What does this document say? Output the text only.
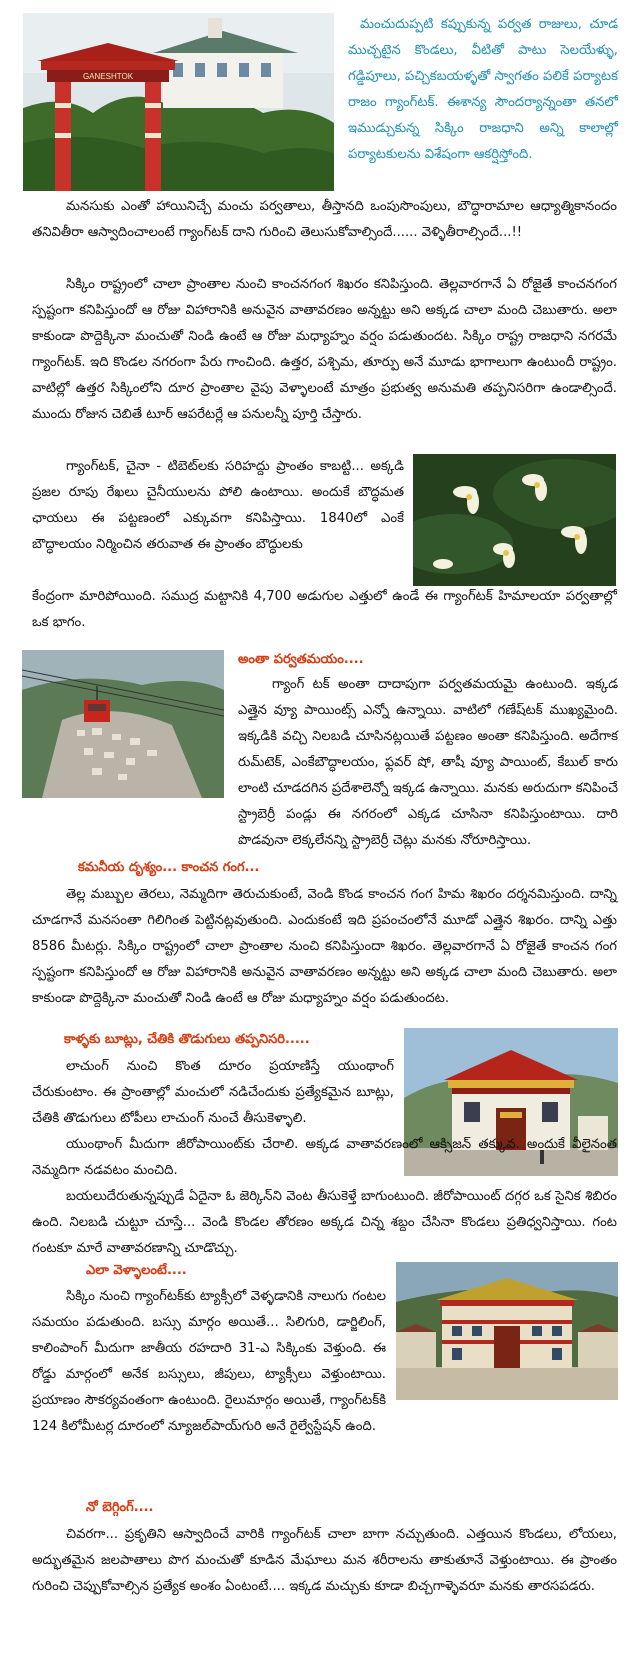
GANESHTOK

మంచుదుప్పటి కప్పుకున్న పర్వత రాజులు, చూడ ముచ్చటైన కొండలు, వీటితో పాటు సెలయేళ్ళు, గడ్డిపూలు, పచ్చికబయళ్ళతో స్వాగతం పలికే పర్యాటక రాజం గ్యాంగ్‌టక్. ఈశాన్య సౌందర్యాన్నంతా తనలో ఇముడ్చుకున్న సిక్కిం రాజధాని అన్ని కాలాల్లో పర్యాటకులను విశేషంగా ఆకర్షిస్తోంది.

మనసుకు ఎంతో హాయినిచ్చే మంచు పర్వతాలు, తీస్తానది ఒంపుసొంపులు, బౌద్ధారామాల ఆధ్యాత్మికానందం తనివితీరా ఆస్వాదించాలంటే గ్యాంగ్‌టక్ దాని గురించి తెలుసుకోవాల్సిందే...... వెళ్ళితీరాల్సిందే...!!

సిక్కిం రాష్ట్రంలో చాలా ప్రాంతాల నుంచి కాంచనగంగ శిఖరం కనిపిస్తుంది. తెల్లవారగానే ఏ రోజైతే కాంచనగంగ స్పష్టంగా కనిపిస్తుందో ఆ రోజు విహారానికి అనువైన వాతావరణం అన్నట్టు అని అక్కడ చాలా మంది చెబుతారు. అలా కాకుండా పొద్దెక్కినా మంచుతో నిండి ఉంటే ఆ రోజు మధ్యాహ్నం వర్షం పడుతుందట. సిక్కిం రాష్ట్ర రాజధాని నగరమే గ్యాంగ్‌టక్. ఇది కొండల నగరంగా పేరు గాంచింది. ఉత్తర, పశ్చిమ, తూర్పు అనే మూడు భాగాలుగా ఉంటుందీ రాష్ట్రం. వాటిల్లో ఉత్తర సిక్కింలోని దూర ప్రాంతాల వైపు వెళ్ళాలంటే మాత్రం ప్రభుత్వ అనుమతి తప్పనిసరిగా ఉండాల్సిందే. ముందు రోజున చెబితే టూర్ ఆపరేటర్లే ఆ పనులన్నీ పూర్తి చేస్తారు.

గ్యాంగ్‌టక్, చైనా - టిబెట్‌లకు సరిహద్దు ప్రాంతం కాబట్టి... అక్కడి ప్రజల రూపు రేఖలు చైనీయులను పోలి ఉంటాయి. అందుకే బౌద్ధమత ఛాయలు ఈ పట్టణంలో ఎక్కువగా కనిపిస్తాయి. 1840లో ఎంకే బౌద్ధాలయం నిర్మించిన తరువాత ఈ ప్రాంతం బౌద్ధులకు

కేంద్రంగా మారిపోయింది. సముద్ర మట్టానికి 4,700 అడుగుల ఎత్తులో ఉండే ఈ గ్యాంగ్‌టక్ హిమాలయా పర్వతాల్లో ఒక భాగం.

అంతా పర్వతమయం....

గ్యాంగ్ టక్ అంతా దాదాపుగా పర్వతమయమై ఉంటుంది. ఇక్కడ ఎత్తైన వ్యూ పాయింట్స్ ఎన్నో ఉన్నాయి. వాటిలో గణేష్‌టక్ ముఖ్యమైంది. ఇక్కడికి వచ్చి నిలబడి చూసినట్లయితే పట్టణం అంతా కనిపిస్తుంది. అదేగాక రుమ్‌టెక్, ఎంకేబౌద్ధాలయం, ఫ్లవర్ షో, తాషీ వ్యూ పాయింట్, కేబుల్ కారు లాంటి చూడదగిన ప్రదేశాలెన్నో ఇక్కడ ఉన్నాయి. మనకు అరుదుగా కనిపించే స్ట్రాబెర్రీ పండ్లు ఈ నగరంలో ఎక్కడ చూసినా కనిపిస్తుంటాయి. దారి పొడవునా లెక్కలేనన్ని స్ట్రాబెర్రీ చెట్లు మనకు నోరూరిస్తాయి.

కమనీయ దృశ్యం... కాంచన గంగ...

తెల్ల మబ్బుల తెరలు, నెమ్మదిగా తెరుచుకుంటే, వెండి కొండ కాంచన గంగ హిమ శిఖరం దర్శనమిస్తుంది. దాన్ని చూడగానే మనసంతా గిలిగింత పెట్టినట్లవుతుంది. ఎందుకంటే ఇది ప్రపంచంలోనే మూడో ఎత్తైన శిఖరం. దాన్ని ఎత్తు 8586 మీటర్లు. సిక్కిం రాష్ట్రంలో చాలా ప్రాంతాల నుంచి కనిపిస్తుందా శిఖరం. తెల్లవారగానే ఏ రోజైతే కాంచన గంగ స్పష్టంగా కనిపిస్తుందో ఆ రోజు విహారానికి అనువైన వాతావరణం అన్నట్టు అని అక్కడ చాలా మంది చెబుతారు. అలా కాకుండా పొద్దెక్కినా మంచుతో నిండి ఉంటే ఆ రోజు మధ్యాహ్నం వర్షం పడుతుందట.

కాళ్ళకు బూట్లు, చేతికి తొడుగులు తప్పనిసరి.....

లాచుంగ్ నుంచి కొంత దూరం ప్రయాణిస్తే యుంథాంగ్ చేరుకుంటాం. ఈ ప్రాంతాల్లో మంచులో నడిచేందుకు ప్రత్యేకమైన బూట్లు, చేతికి తొడుగులు టోపీలు లాచుంగ్ నుంచే తీసుకెళ్ళాలి.

యుంథాంగ్ మీదుగా జీరోపాయింట్‌కు చేరాలి. అక్కడ వాతావరణంలో ఆక్సిజన్ తక్కువ. అందుకే వీలైనంత నెమ్మదిగా నడవటం మంచిది.

బయలుదేరుతున్నప్పుడే ఏదైనా ఓ జెర్కిన్‌ని వెంట తీసుకెళ్తే బాగుంటుంది. జీరోపాయింట్ దగ్గర ఒక సైనిక శిబిరం ఉంది. నిలబడి చుట్టూ చూస్తే... వెండి కొండల తోరణం అక్కడ చిన్న శబ్దం చేసినా కొండలు ప్రతిధ్వనిస్తాయి. గంట గంటకూ మారే వాతావరణాన్ని చూడొచ్చు.

ఎలా వెళ్ళాలంటే....

సిక్కిం నుంచి గ్యాంగ్‌టక్‌కు ట్యాక్సీలో వెళ్ళడానికి నాలుగు గంటల సమయం పడుతుంది. బస్సు మార్గం అయితే... సిలిగురి, డార్జిలింగ్, కాలింపాంగ్ మీదుగా జాతీయ రహదారి 31-ఎ సిక్కింకు వెళ్తుంది. ఈ రోడ్డు మార్గంలో అనేక బస్సులు, జీపులు, ట్యాక్సీలు వెళ్తుంటాయి. ప్రయాణం సౌకర్యవంతంగా ఉంటుంది. రైలుమార్గం అయితే, గ్యాంగ్‌టక్‌కి 124 కిలోమీటర్ల దూరంలో న్యూజల్‌పాయ్‌గురి అనే రైల్వేస్టేషన్ ఉంది.

నో బెగ్గింగ్....

చివరగా... ప్రకృతిని ఆస్వాదించే వారికి గ్యాంగ్‌టక్ చాలా బాగా నచ్చుతుంది. ఎత్తయిన కొండలు, లోయలు, అద్భుతమైన జలపాతాలు పొగ మంచుతో కూడిన మేఘాలు మన శరీరాలను తాకుతూనే వెళ్తుంటాయి. ఈ ప్రాంతం గురించి చెప్పుకోవాల్సిన ప్రత్యేక అంశం ఏంటంటే.... ఇక్కడ మచ్చుకు కూడా బిచ్చగాళ్ళెవరూ మనకు తారసపడరు.
